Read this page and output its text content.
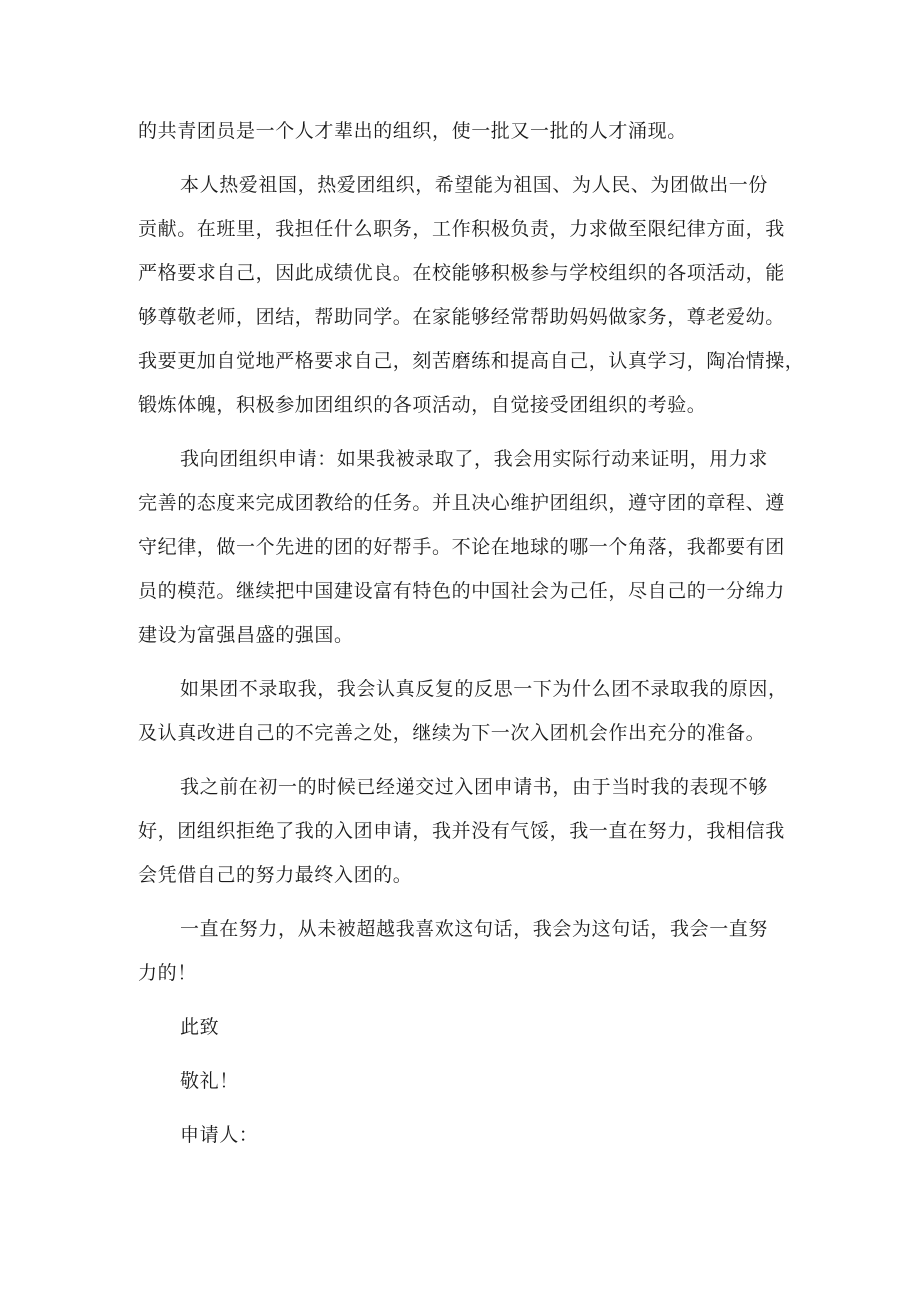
的共青团员是一个人才辈出的组织，使一批又一批的人才涌现。
本人热爱祖国，热爱团组织，希望能为祖国、为人民、为团做出一份
贡献。在班里，我担任什么职务，工作积极负责，力求做至限纪律方面，我
严格要求自己，因此成绩优良。在校能够积极参与学校组织的各项活动，能
够尊敬老师，团结，帮助同学。在家能够经常帮助妈妈做家务，尊老爱幼。
我要更加自觉地严格要求自己，刻苦磨练和提高自己，认真学习，陶冶情操，
锻炼体魄，积极参加团组织的各项活动，自觉接受团组织的考验。
我向团组织申请：如果我被录取了，我会用实际行动来证明，用力求
完善的态度来完成团教给的任务。并且决心维护团组织，遵守团的章程、遵
守纪律，做一个先进的团的好帮手。不论在地球的哪一个角落，我都要有团
员的模范。继续把中国建设富有特色的中国社会为己任，尽自己的一分绵力
建设为富强昌盛的强国。
如果团不录取我，我会认真反复的反思一下为什么团不录取我的原因，
及认真改进自己的不完善之处，继续为下一次入团机会作出充分的准备。
我之前在初一的时候已经递交过入团申请书，由于当时我的表现不够
好，团组织拒绝了我的入团申请，我并没有气馁，我一直在努力，我相信我
会凭借自己的努力最终入团的。
一直在努力，从未被超越我喜欢这句话，我会为这句话，我会一直努
力的！
此致
敬礼！
申请人：
